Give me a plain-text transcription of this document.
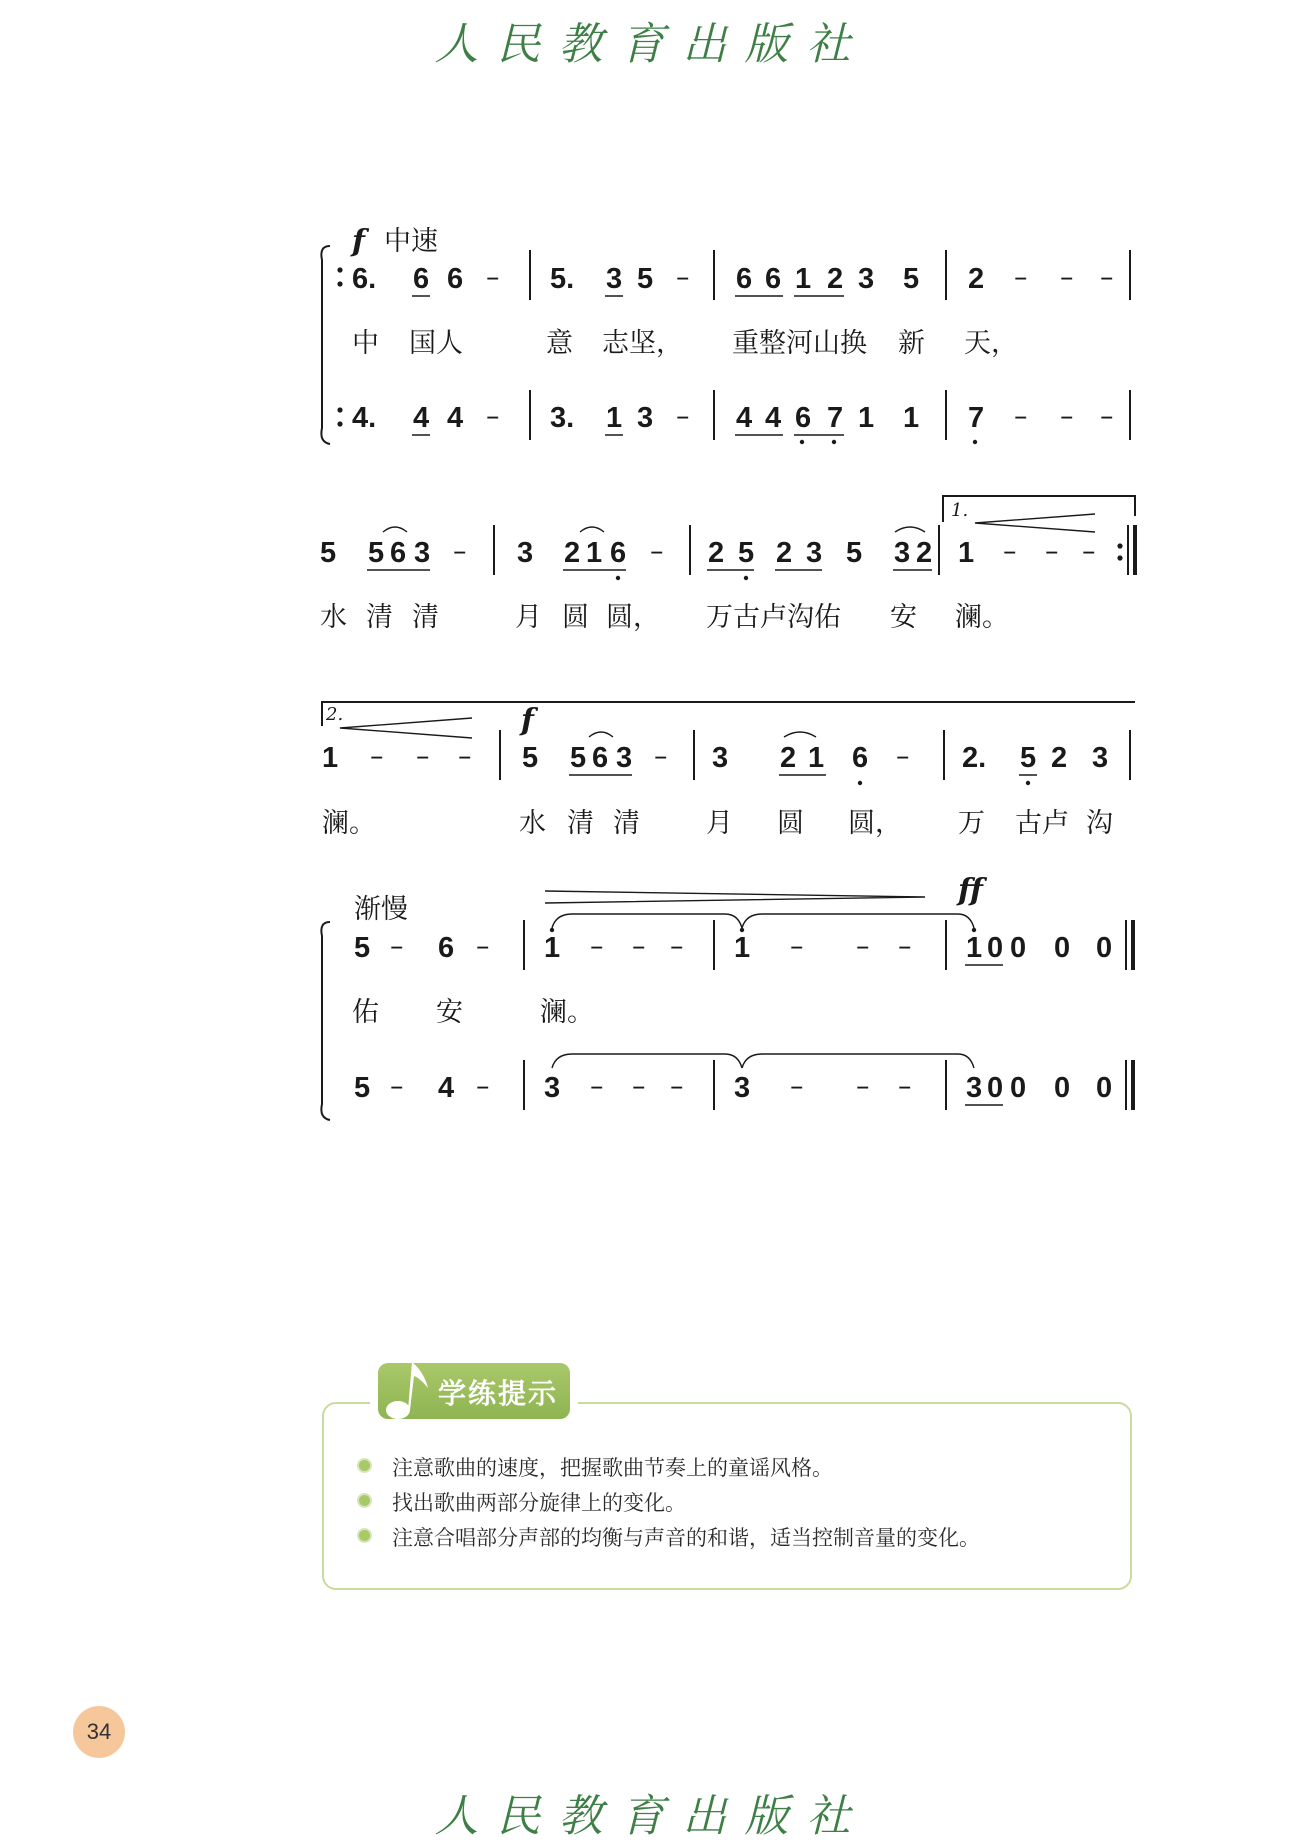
人民教育出版社
f 中速
6. 6 6 – 5. 3 5 – 6 6 1 2 3 5 2 – – –
中 国人	意 志坚， 重整河山换 新 天，
4. 4 4 – 3. 1 3 – 4 4 6 7 1 1 7 – – –
5 5 6 3 – 3 2 1 6 – 2 5 2 3 5 3 2 1 – – –
1.
水 清 清	月 圆 圆， 万古卢沟佑 安 澜。
2.	f
1 – – – 5 5 6 3 – 3 2 1 6 – 2. 5 2 3
澜。	水 清 清 月 圆 圆， 万 古卢 沟
渐慢
ff
5 – 6 – 1 – – – 1 – – – 1 0 0 0 0
佑 安	澜。
5 – 4 – 3 – – – 3 – – – 3 0 0 0 0
学练提示
注意歌曲的速度，把握歌曲节奏上的童谣风格。
找出歌曲两部分旋律上的变化。
注意合唱部分声部的均衡与声音的和谐，适当控制音量的变化。
34
人民教育出版社
